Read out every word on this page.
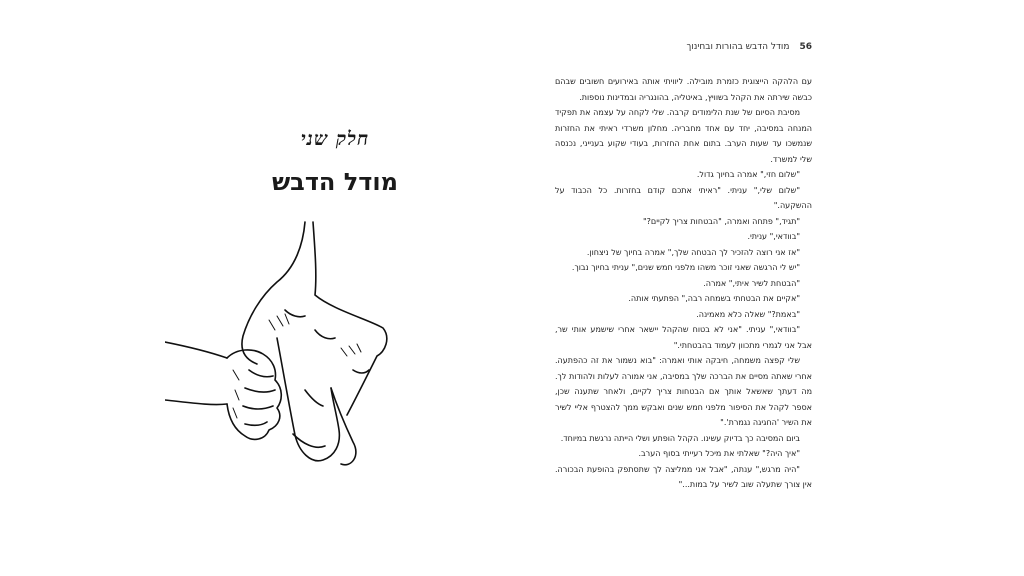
חלק שני
מודל הדבש
56
מודל הדבש בהורות ובחינוך

עם הלהקה הייצוגית כזמרת מובילה. ליוויתי אותה באירועים חשובים שבהם כבשה שירתה את הקהל בשוויץ, באיטליה, בהונגריה ובמדינות נוספות.

מסיבת הסיום של שנת הלימודים קרבה. שלי לקחה על עצמה את תפקיד המנחה במסיבה, יחד עם אחד מחבריה. מחלון משרדי ראיתי את החזרות שנמשכו עד שעות הערב. בתום אחת החזרות, בעודי שקוע בענייני, נכנסה שלי למשרד.

"שלום חזי," אמרה בחיוך גדול.

"שלום שלי," עניתי. "ראיתי אתכם קודם בחזרות. כל הכבוד על ההשקעה."

"תגיד," פתחה ואמרה, "הבטחות צריך לקיים?"

"בוודאי," עניתי.

"אז אני רוצה להזכיר לך הבטחה שלך," אמרה בחיוך של ניצחון.

"יש לי הרגשה שאני זוכר משהו מלפני חמש שנים," עניתי בחיוך נבוך.

"הבטחת לשיר איתי," אמרה.

"אקיים את הבטחתי בשמחה רבה," הפתעתי אותה.

"באמת?" שאלה כלא מאמינה.

"בוודאי," עניתי. "אני לא בטוח שהקהל יישאר אחרי שישמע אותי שר, אבל אני לגמרי מתכוון לעמוד בהבטחתי."

שלי קפצה משמחה, חיבקה אותי ואמרה: "בוא נשמור את זה כהפתעה. אחרי שאתה מסיים את הברכה שלך במסיבה, אני אמורה לעלות ולהודות לך. מה דעתך שאשאל אותך אם הבטחות צריך לקיים, ולאחר שתענה שכן, אספר לקהל את הסיפור מלפני חמש שנים ואבקש ממך להצטרף אליי לשיר את השיר 'החגיגה נגמרת'."

ביום המסיבה כך בדיוק עשינו. הקהל הופתע ושלי הייתה נרגשת במיוחד.

"איך היה?" שאלתי את מיכל רעייתי בסוף הערב.

"היה מרגש," ענתה, "אבל אני ממליצה לך שתסתפק בהופעת הבכורה. אין צורך שתעלה שוב לשיר על במות..."
